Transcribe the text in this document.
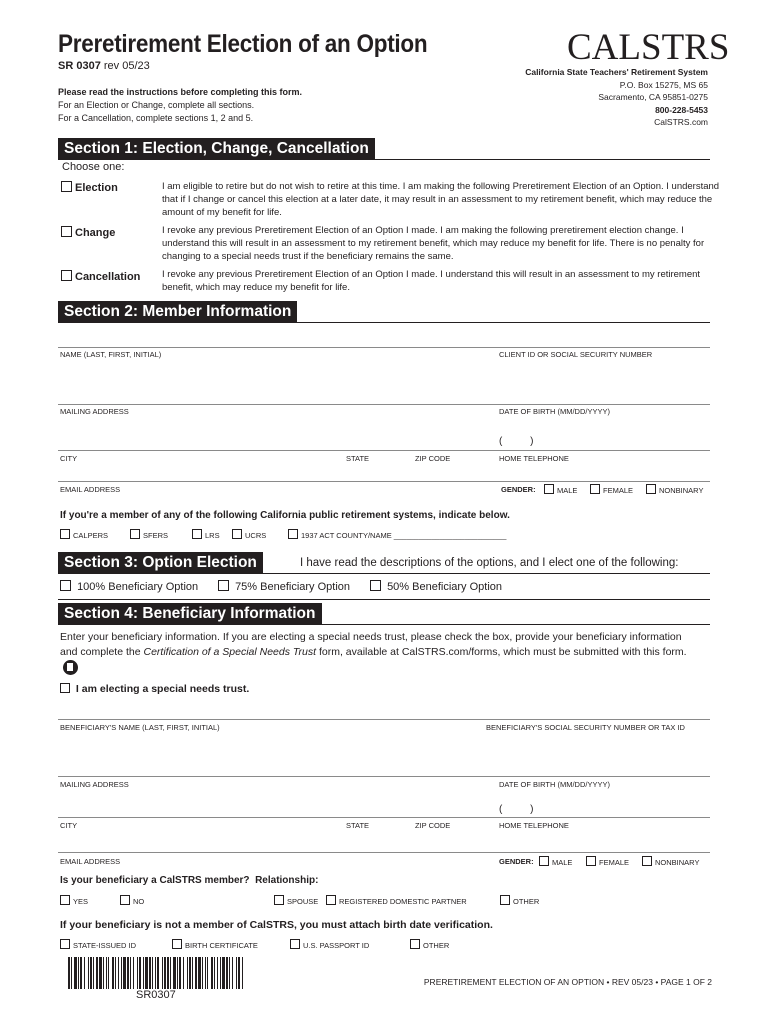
Preretirement Election of an Option
SR 0307 rev 05/23
Please read the instructions before completing this form.
For an Election or Change, complete all sections.
For a Cancellation, complete sections 1, 2 and 5.
CALSTRS
California State Teachers' Retirement System
P.O. Box 15275, MS 65
Sacramento, CA 95851-0275
800-228-5453
CalSTRS.com
Section 1: Election, Change, Cancellation
Choose one:
Election	I am eligible to retire but do not wish to retire at this time. I am making the following Preretirement Election of an Option. I understand that if I change or cancel this election at a later date, it may result in an assessment to my retirement benefit, which may reduce the amount of my benefit for life.
Change	I revoke any previous Preretirement Election of an Option I made. I am making the following preretirement election change. I understand this will result in an assessment to my retirement benefit, which may reduce my benefit for life. There is no penalty for changing to a special needs trust if the beneficiary remains the same.
Cancellation I revoke any previous Preretirement Election of an Option I made. I understand this will result in an assessment to my retirement benefit, which may reduce my benefit for life.
Section 2: Member Information
NAME (LAST, FIRST, INITIAL)	CLIENT ID OR SOCIAL SECURITY NUMBER
MAILING ADDRESS	DATE OF BIRTH (MM/DD/YYYY)
(          )
CITY	STATE	ZIP CODE	HOME TELEPHONE
EMAIL ADDRESS	GENDER:	MALE	FEMALE	NONBINARY
If you're a member of any of the following California public retirement systems, indicate below.
CALPERS	SFERS	LRS	UCRS	1937 ACT COUNTY/NAME ___________________________
Section 3: Option Election	I have read the descriptions of the options, and I elect one of the following:
100% Beneficiary Option	75% Beneficiary Option	50% Beneficiary Option
Section 4: Beneficiary Information
Enter your beneficiary information. If you are electing a special needs trust, please check the box, provide your beneficiary information and complete the Certification of a Special Needs Trust form, available at CalSTRS.com/forms, which must be submitted with this form.
I am electing a special needs trust.
BENEFICIARY'S NAME (LAST, FIRST, INITIAL)	BENEFICIARY'S SOCIAL SECURITY NUMBER OR TAX ID
MAILING ADDRESS	DATE OF BIRTH (MM/DD/YYYY)
(          )
CITY	STATE	ZIP CODE	HOME TELEPHONE
EMAIL ADDRESS	GENDER:	MALE	FEMALE	NONBINARY
Is your beneficiary a CalSTRS member? Relationship:
YES	NO	SPOUSE	REGISTERED DOMESTIC PARTNER	OTHER
If your beneficiary is not a member of CalSTRS, you must attach birth date verification.
STATE-ISSUED ID	BIRTH CERTIFICATE	U.S. PASSPORT ID	OTHER
SR0307
PRERETIREMENT ELECTION OF AN OPTION • REV 05/23 • PAGE 1 OF 2
